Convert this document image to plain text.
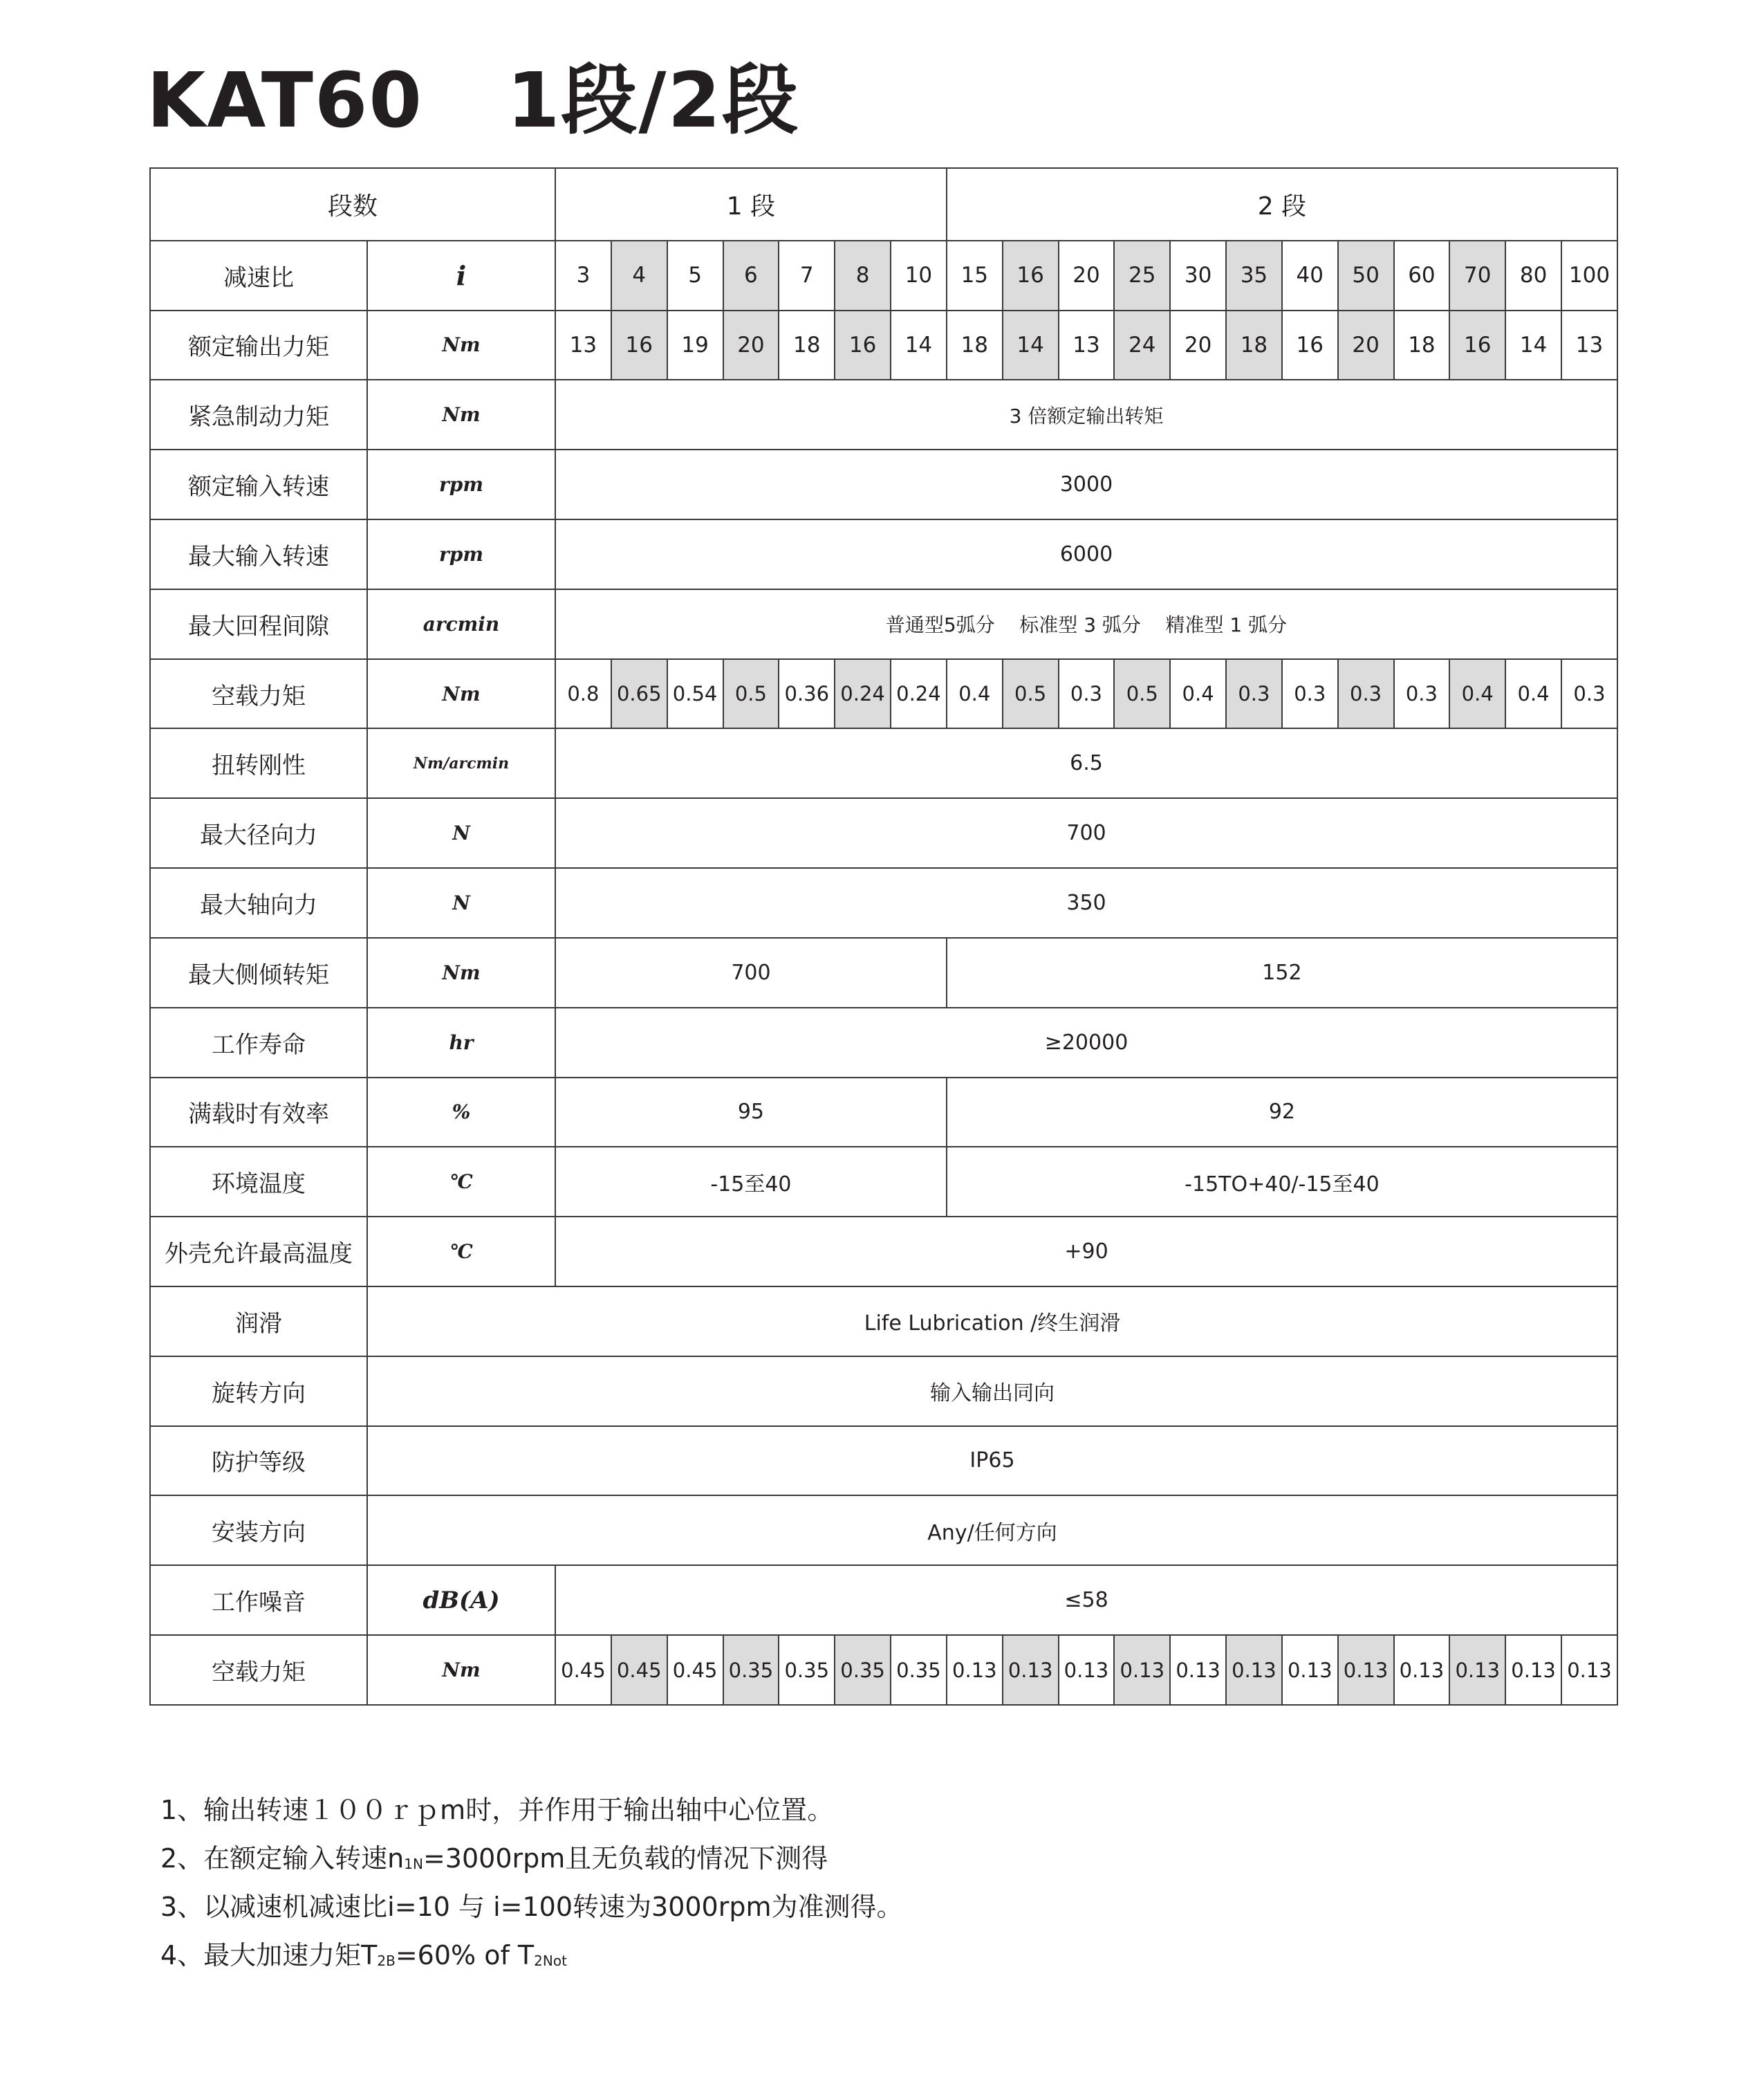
KAT60   1段/2段
段数		1 段							2 段											
减速比	i	3	4	5	6	7	8	10	15	16	20	25	30	35	40	50	60	70	80	100
额定输出力矩	Nm	13	16	19	20	18	16	14	18	14	13	24	20	18	16	20	18	16	14	13
紧急制动力矩	Nm	3 倍额定输出转矩																		
额定输入转速	rpm	3000																		
最大输入转速	rpm	6000																		
最大回程间隙	arcmin	普通型5弧分    标准型 3 弧分    精准型 1 弧分																		
空载力矩	Nm	0.8	0.65	0.54	0.5	0.36	0.24	0.24	0.4	0.5	0.3	0.5	0.4	0.3	0.3	0.3	0.3	0.4	0.4	0.3
扭转刚性	Nm/arcmin	6.5																		
最大径向力	N	700																		
最大轴向力	N	350																		
最大侧倾转矩	Nm	700							152											
工作寿命	hr	≥20000																		
满载时有效率	%	95							92											
环境温度	℃	-15至40							-15TO+40/-15至40											
外壳允许最高温度	℃	+90																		
润滑	Life Lubrication /终生润滑																			
旋转方向	输入输出同向																			
防护等级	IP65																			
安装方向	Any/任何方向																			
工作噪音	dB(A)	≤58																		
空载力矩	Nm	0.45	0.45	0.45	0.35	0.35	0.35	0.35	0.13	0.13	0.13	0.13	0.13	0.13	0.13	0.13	0.13	0.13	0.13	0.13
1、输出转速１００ｒｐm时，并作用于输出轴中心位置。
2、在额定输入转速$n_{1N}=3000rpm$且无负载的情况下测得
3、以减速机减速比i=10 与 i=100转速为3000rpm为准测得。
4、最大加速力矩$T_{2B}=60\%$ of $T_{2Not}$
